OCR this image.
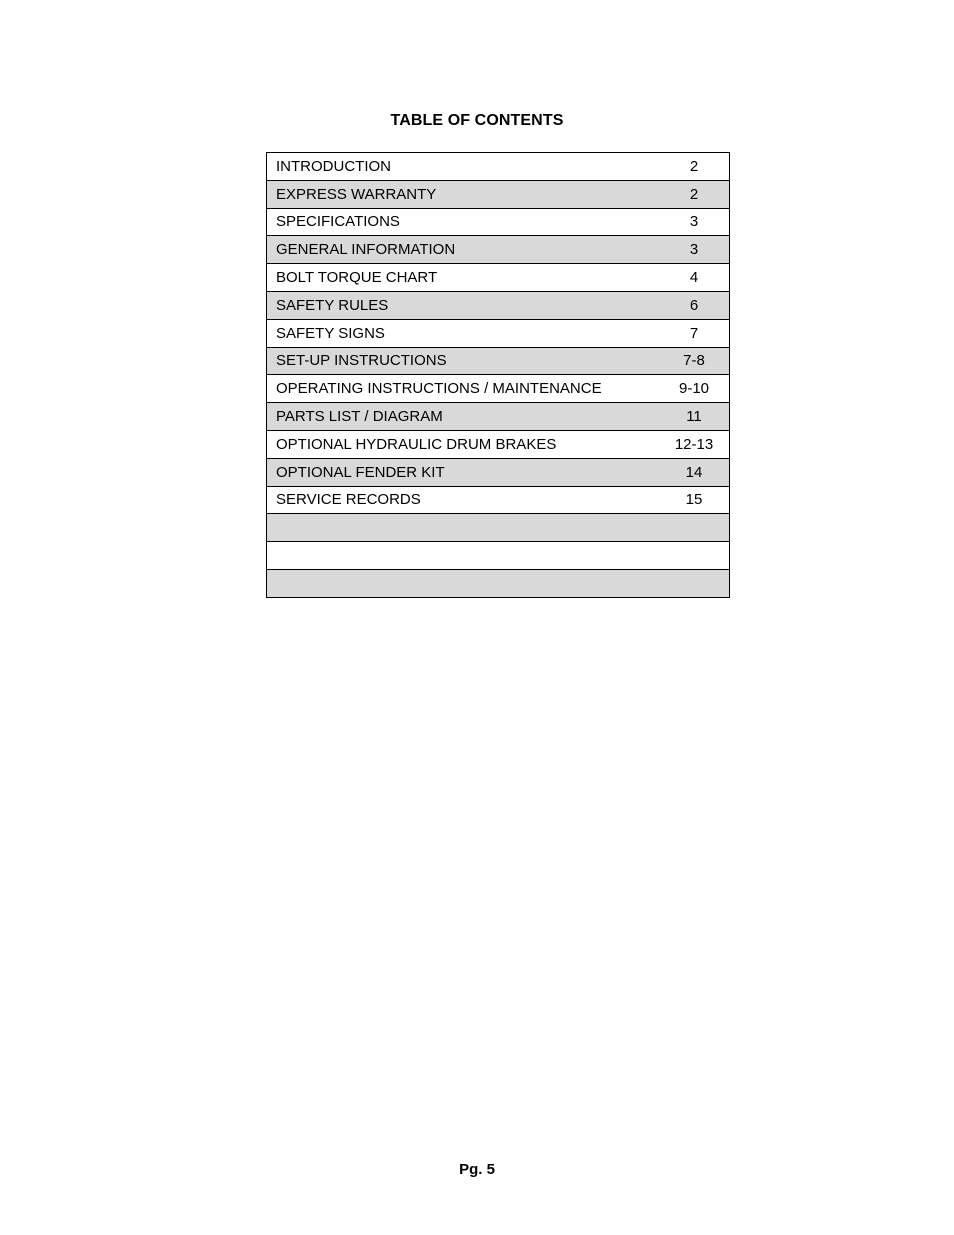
TABLE OF CONTENTS
INTRODUCTION	2
EXPRESS WARRANTY	2
SPECIFICATIONS	3
GENERAL INFORMATION	3
BOLT TORQUE CHART	4
SAFETY RULES	6
SAFETY SIGNS	7
SET-UP INSTRUCTIONS	7-8
OPERATING INSTRUCTIONS / MAINTENANCE	9-10
PARTS LIST / DIAGRAM	11
OPTIONAL HYDRAULIC DRUM BRAKES	12-13
OPTIONAL FENDER KIT	14
SERVICE RECORDS	15

Pg. 5
